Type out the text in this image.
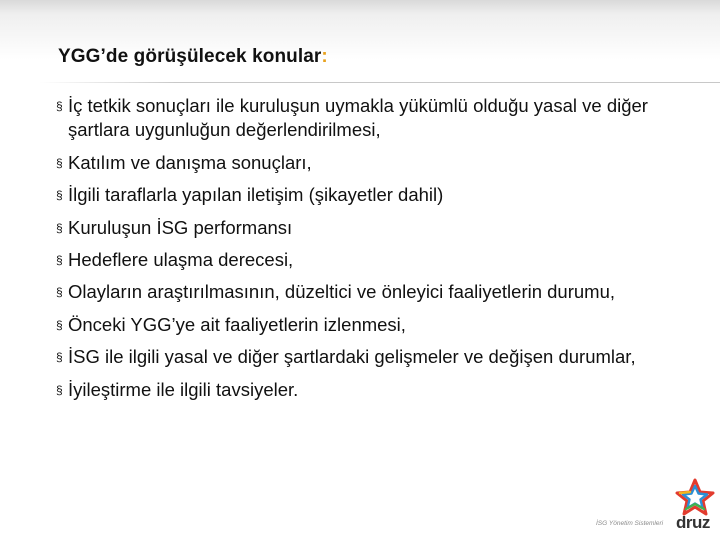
YGG’de görüşülecek konular:
§ İç tetkik sonuçları ile kuruluşun uymakla yükümlü olduğu yasal ve diğer şartlara uygunluğun değerlendirilmesi,
§ Katılım ve danışma sonuçları,
§ İlgili taraflarla yapılan iletişim (şikayetler dahil)
§ Kuruluşun İSG performansı
§ Hedeflere ulaşma derecesi,
§ Olayların araştırılmasının, düzeltici ve önleyici faaliyetlerin durumu,
§ Önceki YGG’ye ait faaliyetlerin izlenmesi,
§ İSG ile ilgili yasal ve diğer şartlardaki gelişmeler ve değişen durumlar,
§ İyileştirme ile ilgili tavsiyeler.
İSG Yönetim Sistemleri druz
